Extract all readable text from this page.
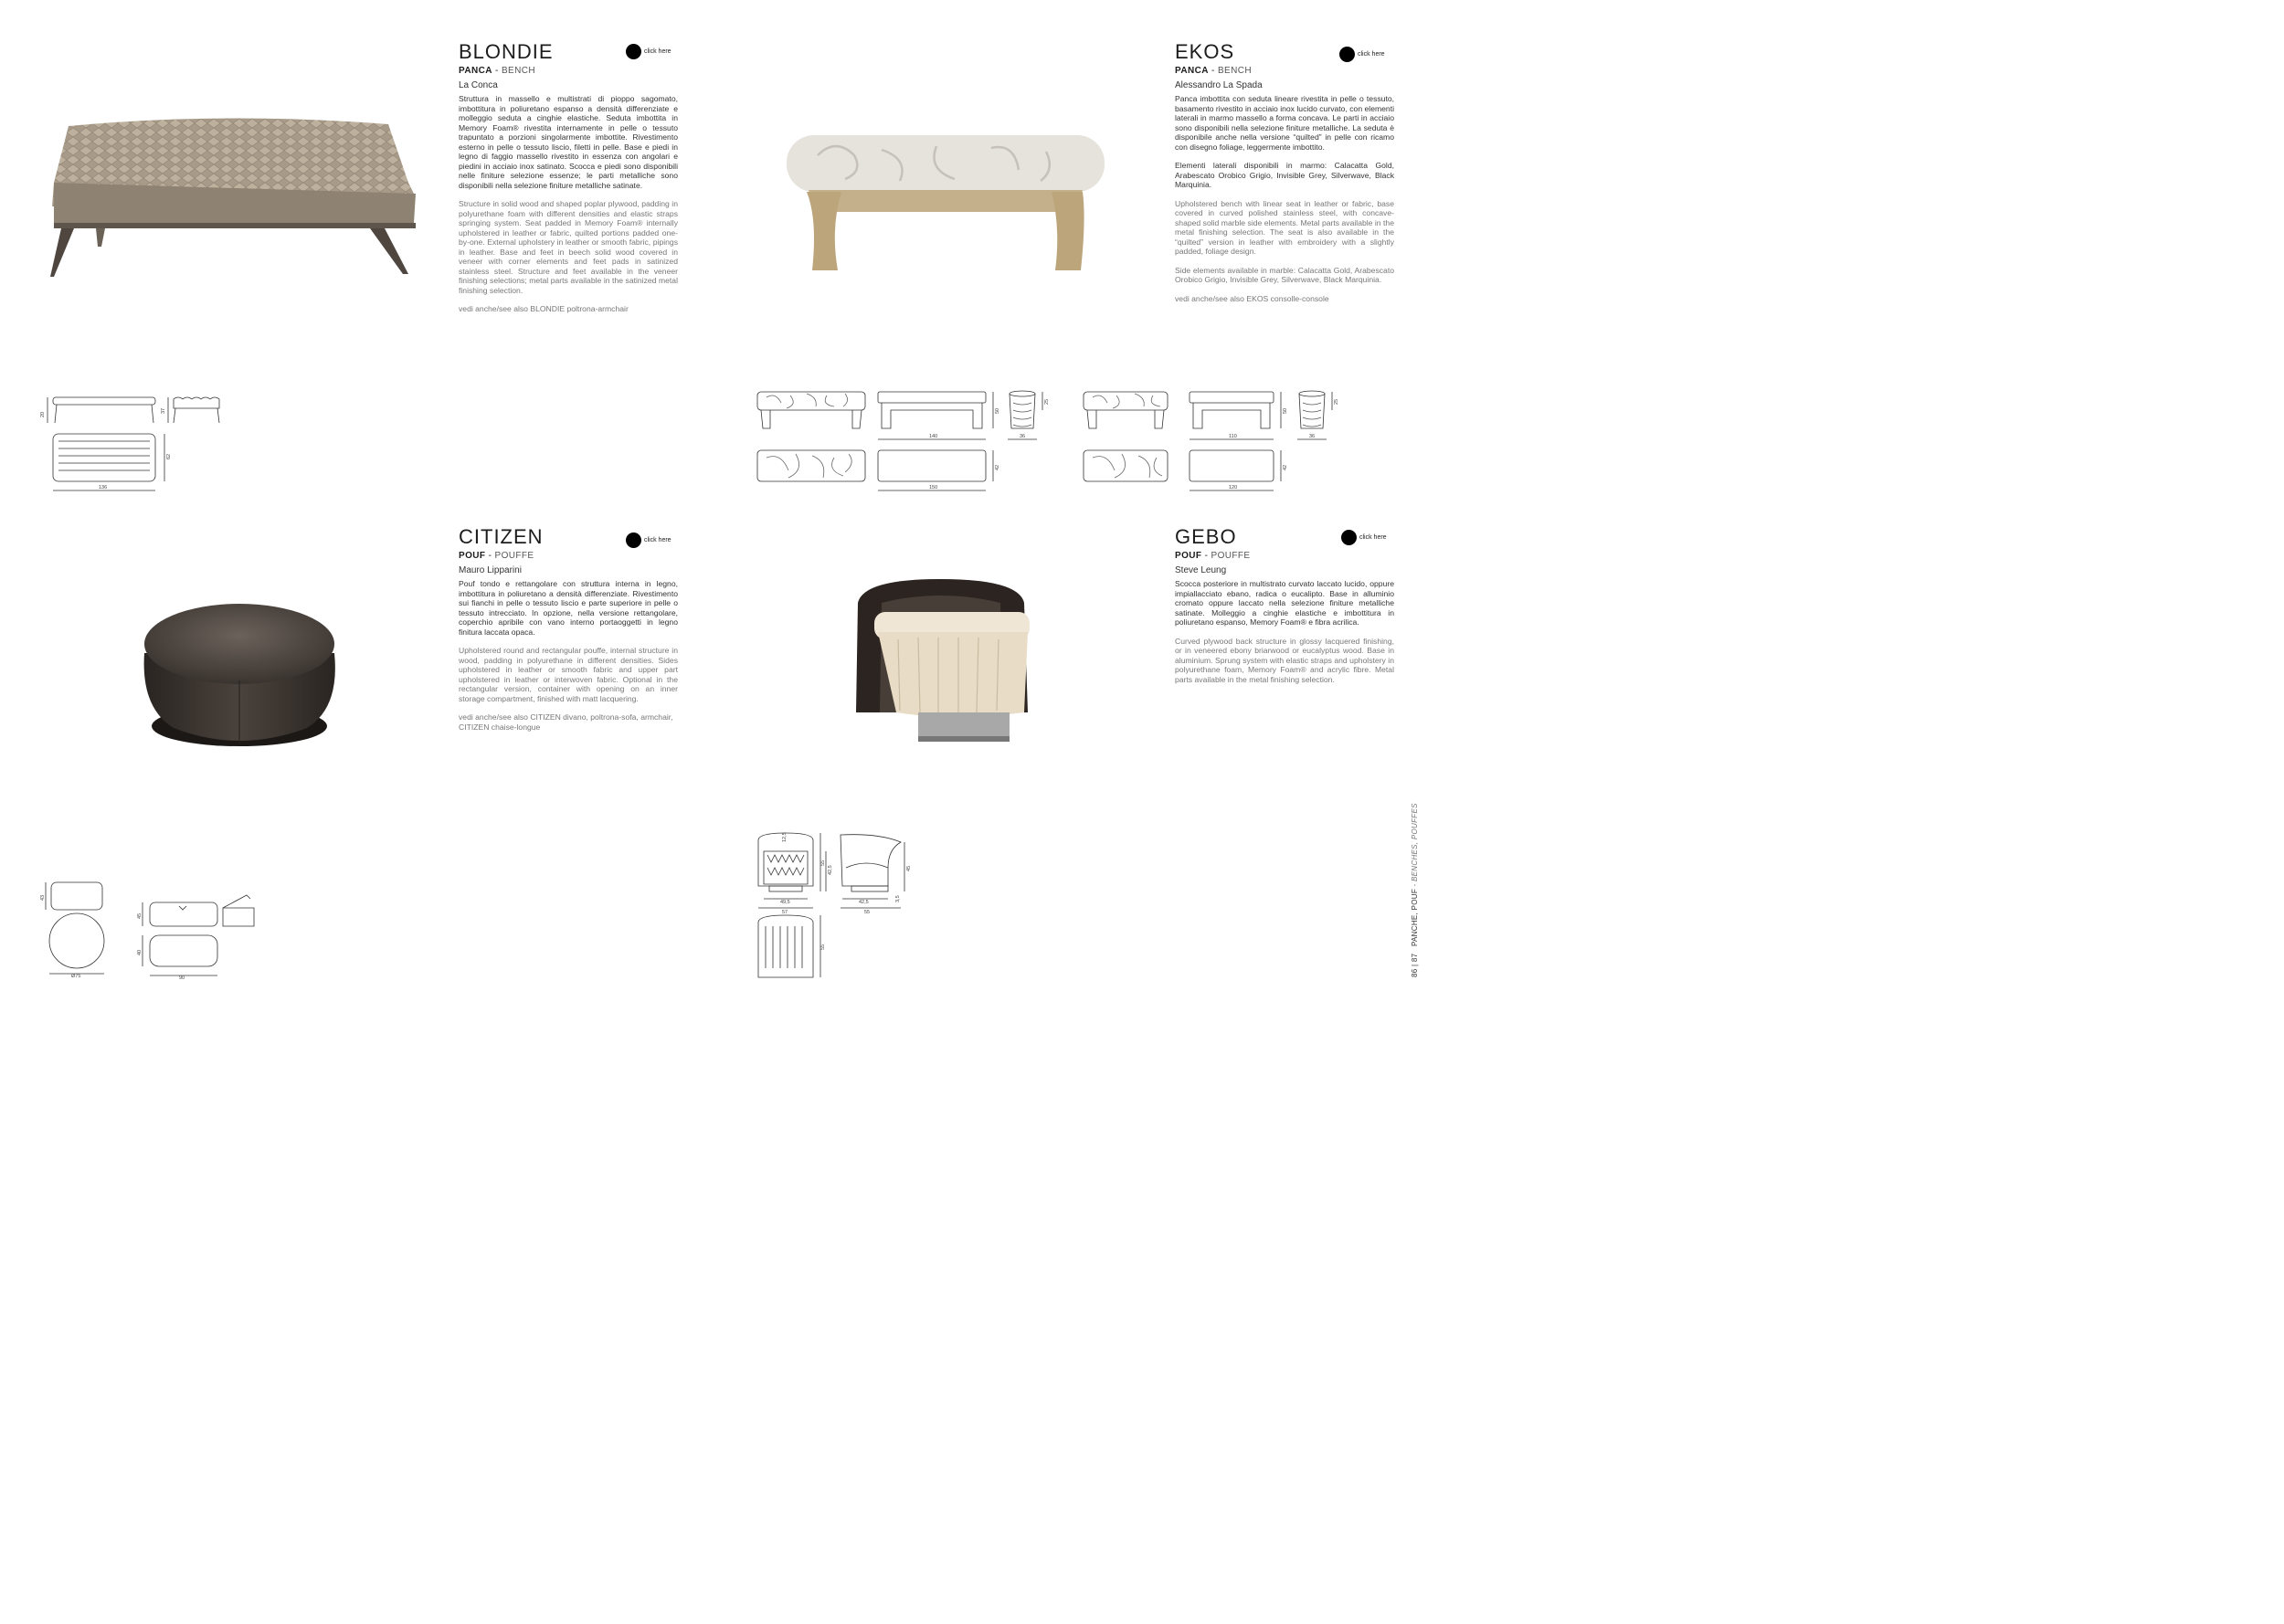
BLONDIE
PANCA - BENCH
La Conca
click here

Struttura in massello e multistrati di pioppo sagomato, imbottitura in poliuretano espanso a densità differenziate e molleggio seduta a cinghie elastiche. Seduta imbottita in Memory Foam® rivestita internamente in pelle o tessuto trapuntato a porzioni singolarmente imbottite. Rivestimento esterno in pelle o tessuto liscio, filetti in pelle. Base e piedi in legno di faggio massello rivestito in essenza con angolari e piedini in acciaio inox satinato. Scocca e piedi sono disponibili nelle finiture selezione essenze; le parti metalliche sono disponibili nella selezione finiture metalliche satinate.

Structure in solid wood and shaped poplar plywood, padding in polyurethane foam with different densities and elastic straps springing system. Seat padded in Memory Foam® internally upholstered in leather or fabric, quilted portions padded one-by-one. External upholstery in leather or smooth fabric, pipings in leather. Base and feet in beech solid wood covered in veneer with corner elements and feet pads in satinized stainless steel. Structure and feet available in the veneer finishing selections; metal parts available in the satinized metal finishing selection.

vedi anche/see also BLONDIE poltrona-armchair

20
37
62
136
EKOS
PANCA - BENCH
Alessandro La Spada
click here

Panca imbottita con seduta lineare rivestita in pelle o tessuto, basamento rivestito in acciaio inox lucido curvato, con elementi laterali in marmo massello a forma concava. Le parti in acciaio sono disponibili nella selezione finiture metalliche. La seduta è disponibile anche nella versione “quilted” in pelle con ricamo con disegno foliage, leggermente imbottito.

Elementi laterali disponibili in marmo: Calacatta Gold, Arabescato Orobico Grigio, Invisible Grey, Silverwave, Black Marquinia.

Upholstered bench with linear seat in leather or fabric, base covered in curved polished stainless steel, with concave-shaped solid marble side elements. Metal parts available in the metal finishing selection. The seat is also available in the “quilted” version in leather with embroidery with a slightly padded, foliage design.

Side elements available in marble: Calacatta Gold, Arabescato Orobico Grigio, Invisible Grey, Silverwave, Black Marquinia.

vedi anche/see also EKOS consolle-console

140
50
36
25
42
150
110
50
36
25
42
120
CITIZEN
POUF - POUFFE
Mauro Lipparini
click here

Pouf tondo e rettangolare con struttura interna in legno, imbottitura in poliuretano a densità differenziate. Rivestimento sui fianchi in pelle o tessuto liscio e parte superiore in pelle o tessuto intrecciato. In opzione, nella versione rettangolare, coperchio apribile con vano interno portaoggetti in legno finitura laccata opaca.

Upholstered round and rectangular pouffe, internal structure in wood, padding in polyurethane in different densities. Sides upholstered in leather or smooth fabric and upper part upholstered in leather or interwoven fabric. Optional in the rectangular version, container with opening on an inner storage compartment, finished with matt lacquering.

vedi anche/see also CITIZEN divano, poltrona-sofa, armchair, CITIZEN chaise-longue

43
Ø75
45
40
90
GEBO
POUF - POUFFE
Steve Leung
click here

Scocca posteriore in multistrato curvato laccato lucido, oppure impiallacciato ebano, radica o eucalipto. Base in alluminio cromato oppure laccato nella selezione finiture metalliche satinate. Molleggio a cinghie elastiche e imbottitura in poliuretano espanso, Memory Foam® e fibra acrilica.

Curved plywood back structure in glossy lacquered finishing, or in veneered ebony briarwood or eucalyptus wood. Base in aluminium. Sprung system with elastic straps and upholstery in polyurethane foam, Memory Foam® and acrylic fibre. Metal parts available in the metal finishing selection.

12,5
55
42,5
49,5
57
42,5
55
45
3,5
55
86 | 87   PANCHE, POUF - BENCHES, POUFFES
